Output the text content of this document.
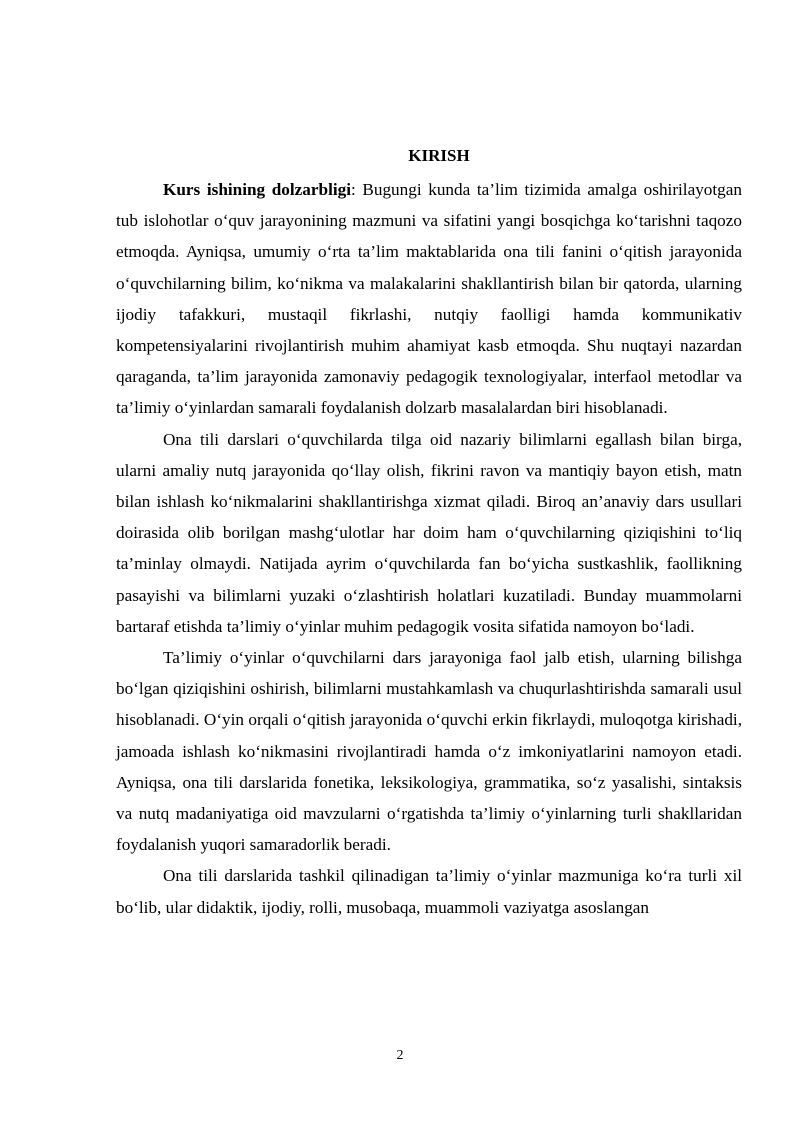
KIRISH

Kurs ishining dolzarbligi: Bugungi kunda ta’lim tizimida amalga oshirilayotgan tub islohotlar o‘quv jarayonining mazmuni va sifatini yangi bosqichga ko‘tarishni taqozo etmoqda. Ayniqsa, umumiy o‘rta ta’lim maktablarida ona tili fanini o‘qitish jarayonida o‘quvchilarning bilim, ko‘nikma va malakalarini shakllantirish bilan bir qatorda, ularning ijodiy tafakkuri, mustaqil fikrlashi, nutqiy faolligi hamda kommunikativ kompetensiyalarini rivojlantirish muhim ahamiyat kasb etmoqda. Shu nuqtayi nazardan qaraganda, ta’lim jarayonida zamonaviy pedagogik texnologiyalar, interfaol metodlar va ta’limiy o‘yinlardan samarali foydalanish dolzarb masalalardan biri hisoblanadi.

Ona tili darslari o‘quvchilarda tilga oid nazariy bilimlarni egallash bilan birga, ularni amaliy nutq jarayonida qo‘llay olish, fikrini ravon va mantiqiy bayon etish, matn bilan ishlash ko‘nikmalarini shakllantirishga xizmat qiladi. Biroq an’anaviy dars usullari doirasida olib borilgan mashg‘ulotlar har doim ham o‘quvchilarning qiziqishini to‘liq ta’minlay olmaydi. Natijada ayrim o‘quvchilarda fan bo‘yicha sustkashlik, faollikning pasayishi va bilimlarni yuzaki o‘zlashtirish holatlari kuzatiladi. Bunday muammolarni bartaraf etishda ta’limiy o‘yinlar muhim pedagogik vosita sifatida namoyon bo‘ladi.

Ta’limiy o‘yinlar o‘quvchilarni dars jarayoniga faol jalb etish, ularning bilishga bo‘lgan qiziqishini oshirish, bilimlarni mustahkamlash va chuqurlashtirishda samarali usul hisoblanadi. O‘yin orqali o‘qitish jarayonida o‘quvchi erkin fikrlaydi, muloqotga kirishadi, jamoada ishlash ko‘nikmasini rivojlantiradi hamda o‘z imkoniyatlarini namoyon etadi. Ayniqsa, ona tili darslarida fonetika, leksikologiya, grammatika, so‘z yasalishi, sintaksis va nutq madaniyatiga oid mavzularni o‘rgatishda ta’limiy o‘yinlarning turli shakllaridan foydalanish yuqori samaradorlik beradi.

Ona tili darslarida tashkil qilinadigan ta’limiy o‘yinlar mazmuniga ko‘ra turli xil bo‘lib, ular didaktik, ijodiy, rolli, musobaqa, muammoli vaziyatga asoslangan

2
